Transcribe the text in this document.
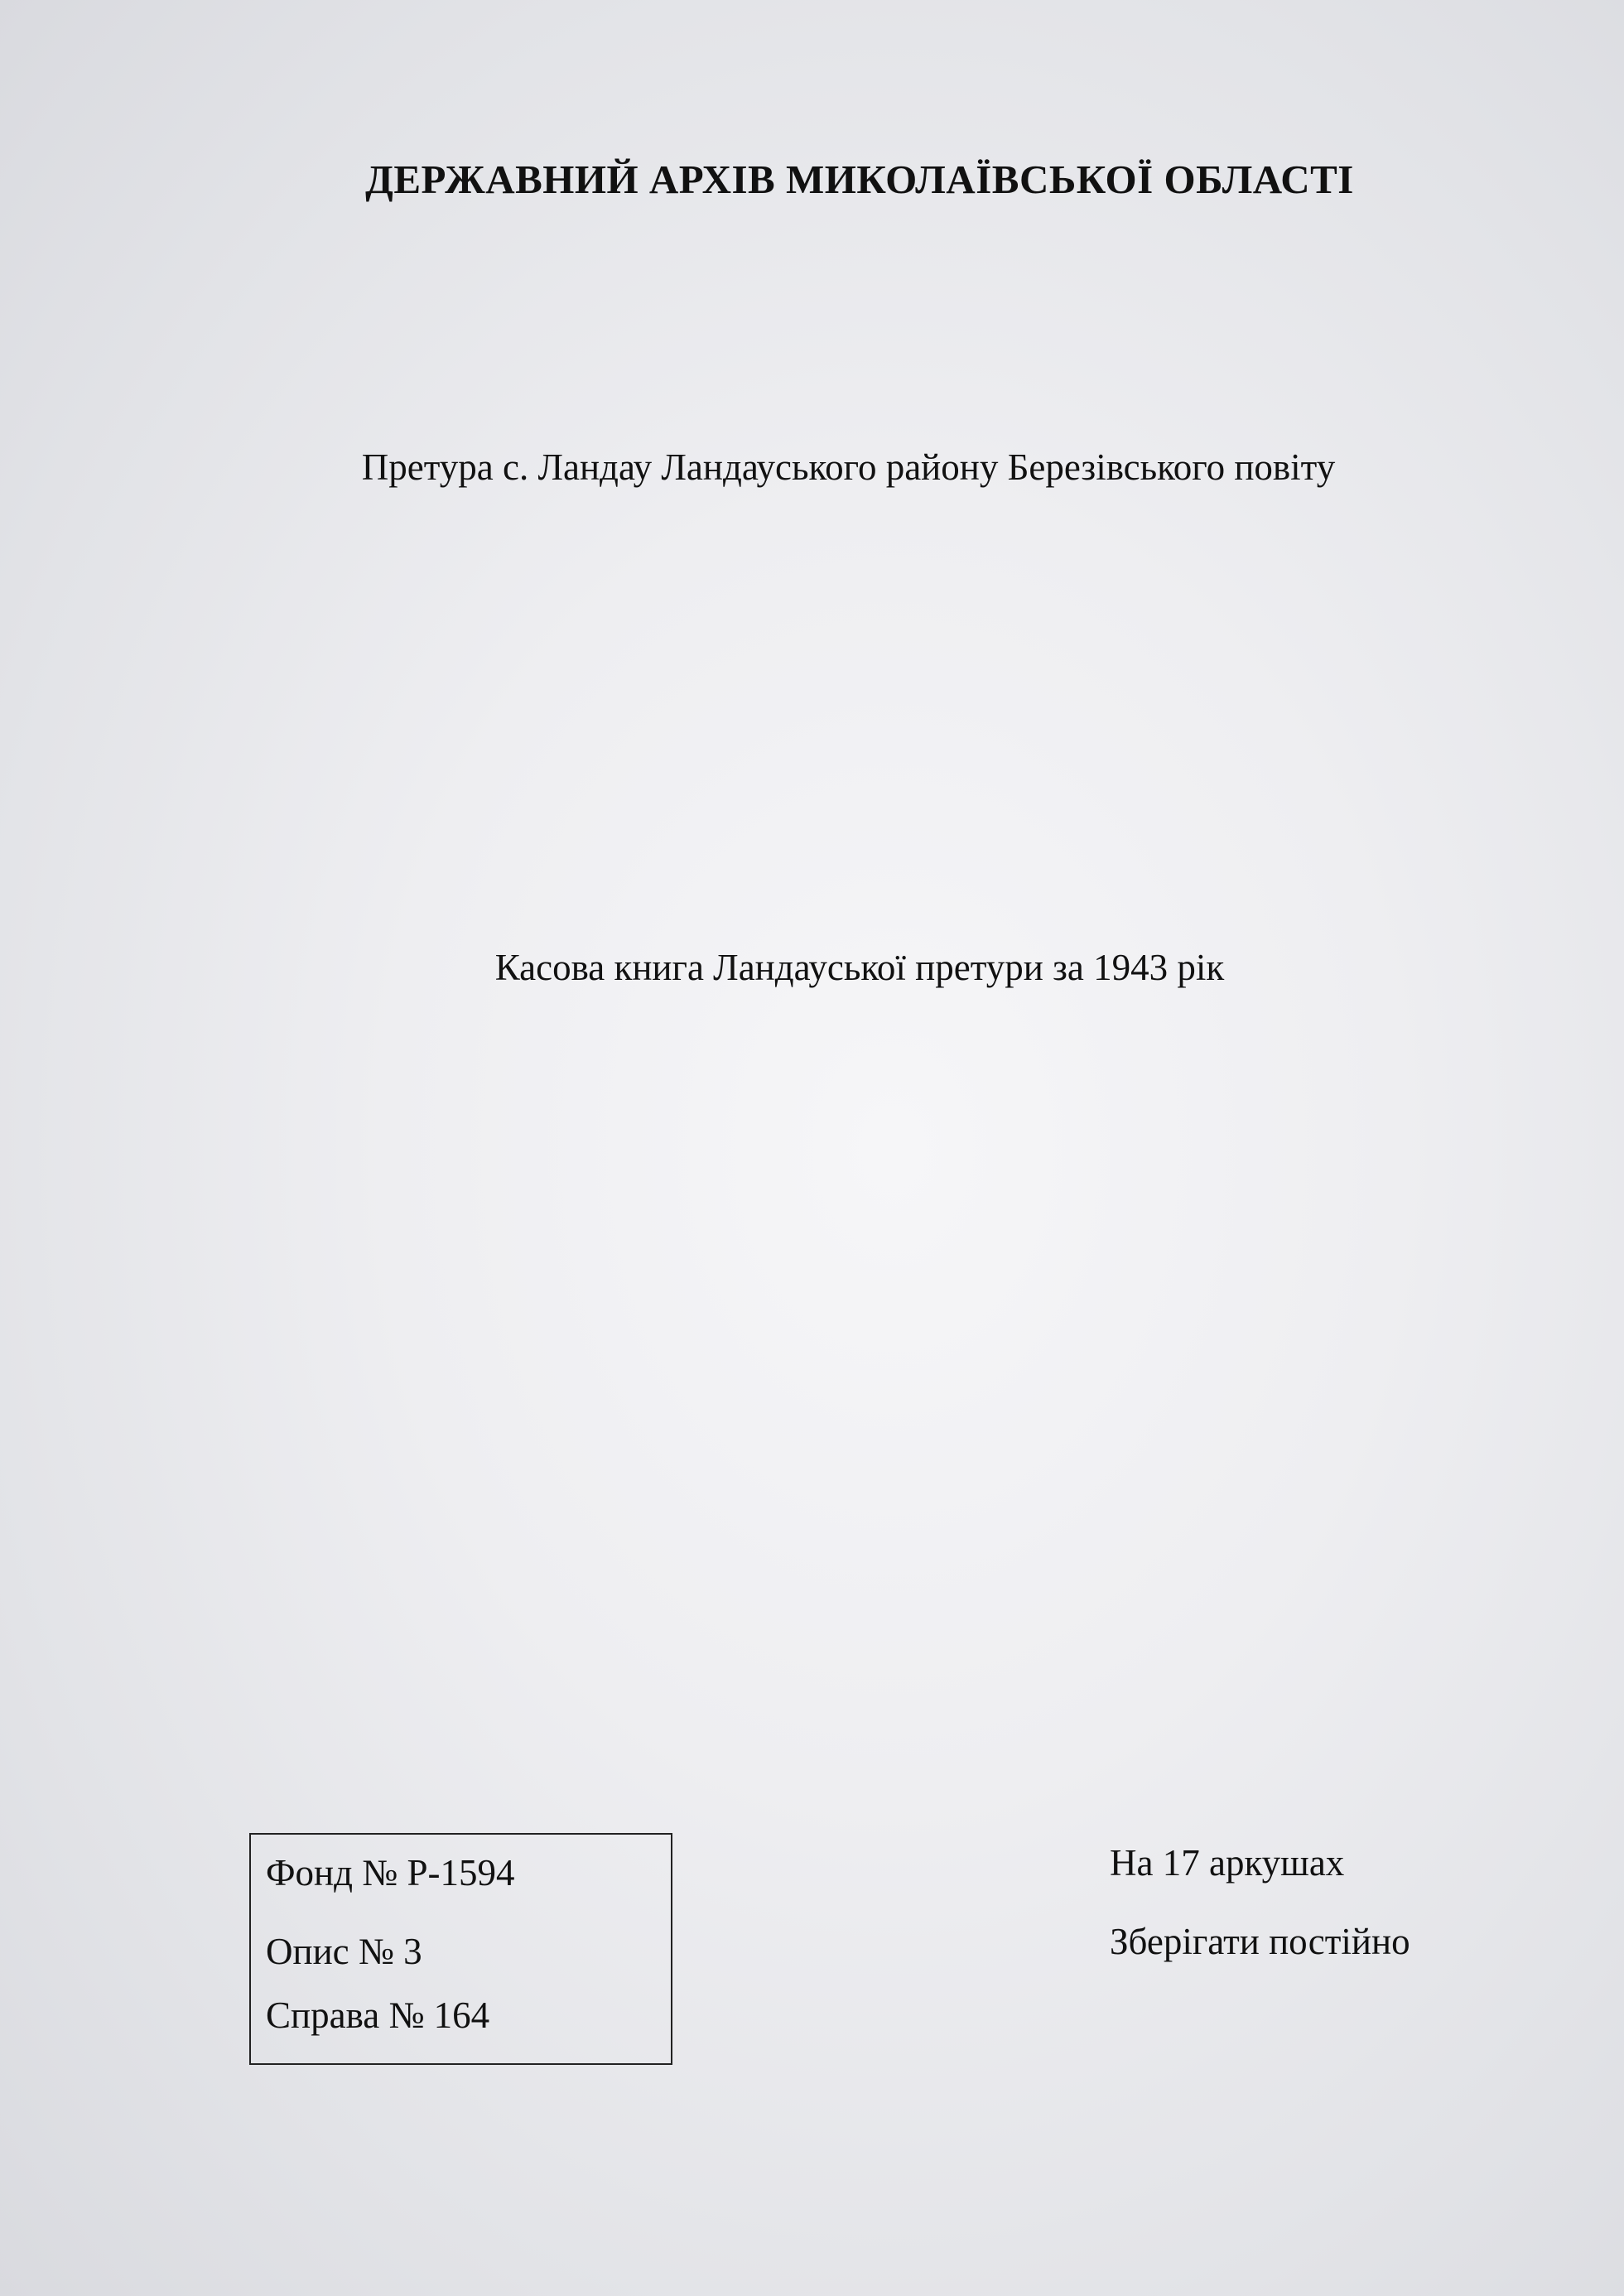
ДЕРЖАВНИЙ АРХІВ МИКОЛАЇВСЬКОЇ ОБЛАСТІ
Претура с. Ландау Ландауського району Березівського повіту
Касова книга Ландауської претури за 1943 рік
Фонд № Р-1594
Опис № 3
Справа № 164
На 17 аркушах
Зберігати постійно
